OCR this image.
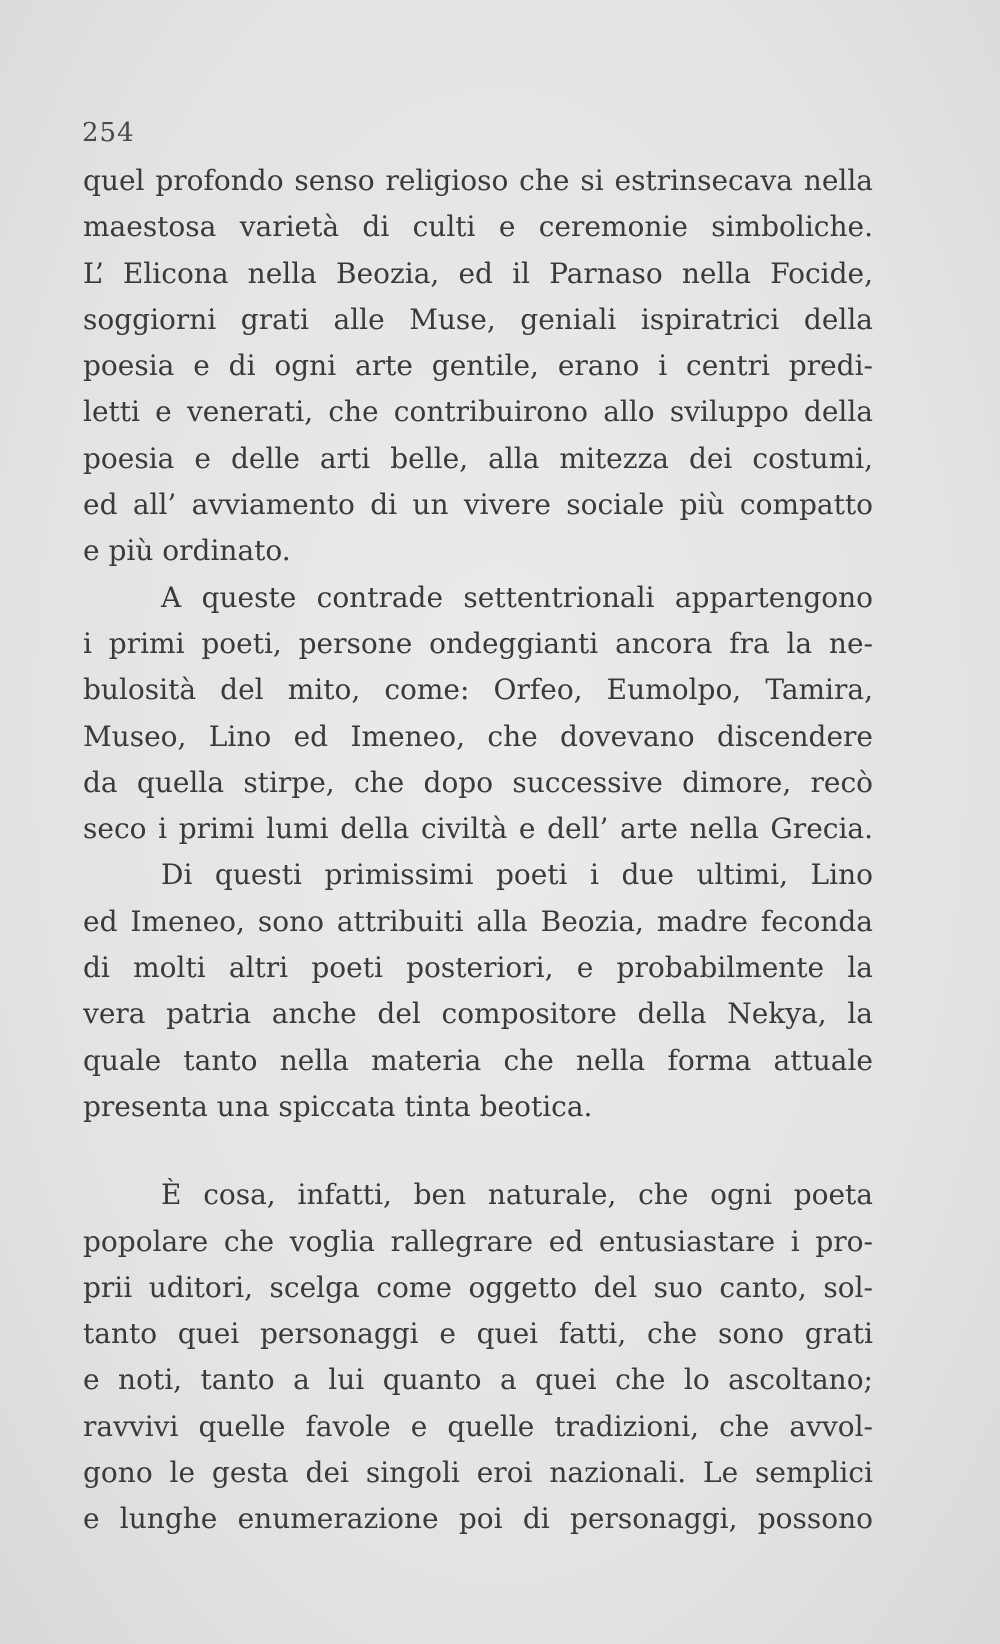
254
quel profondo senso religioso che si estrinsecava nella
maestosa varietà di culti e ceremonie simboliche.
L’ Elicona nella Beozia, ed il Parnaso nella Focide,
soggiorni grati alle Muse, geniali ispiratrici della
poesia e di ogni arte gentile, erano i centri predi-
letti e venerati, che contribuirono allo sviluppo della
poesia e delle arti belle, alla mitezza dei costumi,
ed all’ avviamento di un vivere sociale più compatto
e più ordinato.
A queste contrade settentrionali appartengono
i primi poeti, persone ondeggianti ancora fra la ne-
bulosità del mito, come: Orfeo, Eumolpo, Tamira,
Museo, Lino ed Imeneo, che dovevano discendere
da quella stirpe, che dopo successive dimore, recò
seco i primi lumi della civiltà e dell’ arte nella Grecia.
Di questi primissimi poeti i due ultimi, Lino
ed Imeneo, sono attribuiti alla Beozia, madre feconda
di molti altri poeti posteriori, e probabilmente la
vera patria anche del compositore della Nekya, la
quale tanto nella materia che nella forma attuale
presenta una spiccata tinta beotica.
È cosa, infatti, ben naturale, che ogni poeta
popolare che voglia rallegrare ed entusiastare i pro-
prii uditori, scelga come oggetto del suo canto, sol-
tanto quei personaggi e quei fatti, che sono grati
e noti, tanto a lui quanto a quei che lo ascoltano;
ravvivi quelle favole e quelle tradizioni, che avvol-
gono le gesta dei singoli eroi nazionali. Le semplici
e lunghe enumerazione poi di personaggi, possono
